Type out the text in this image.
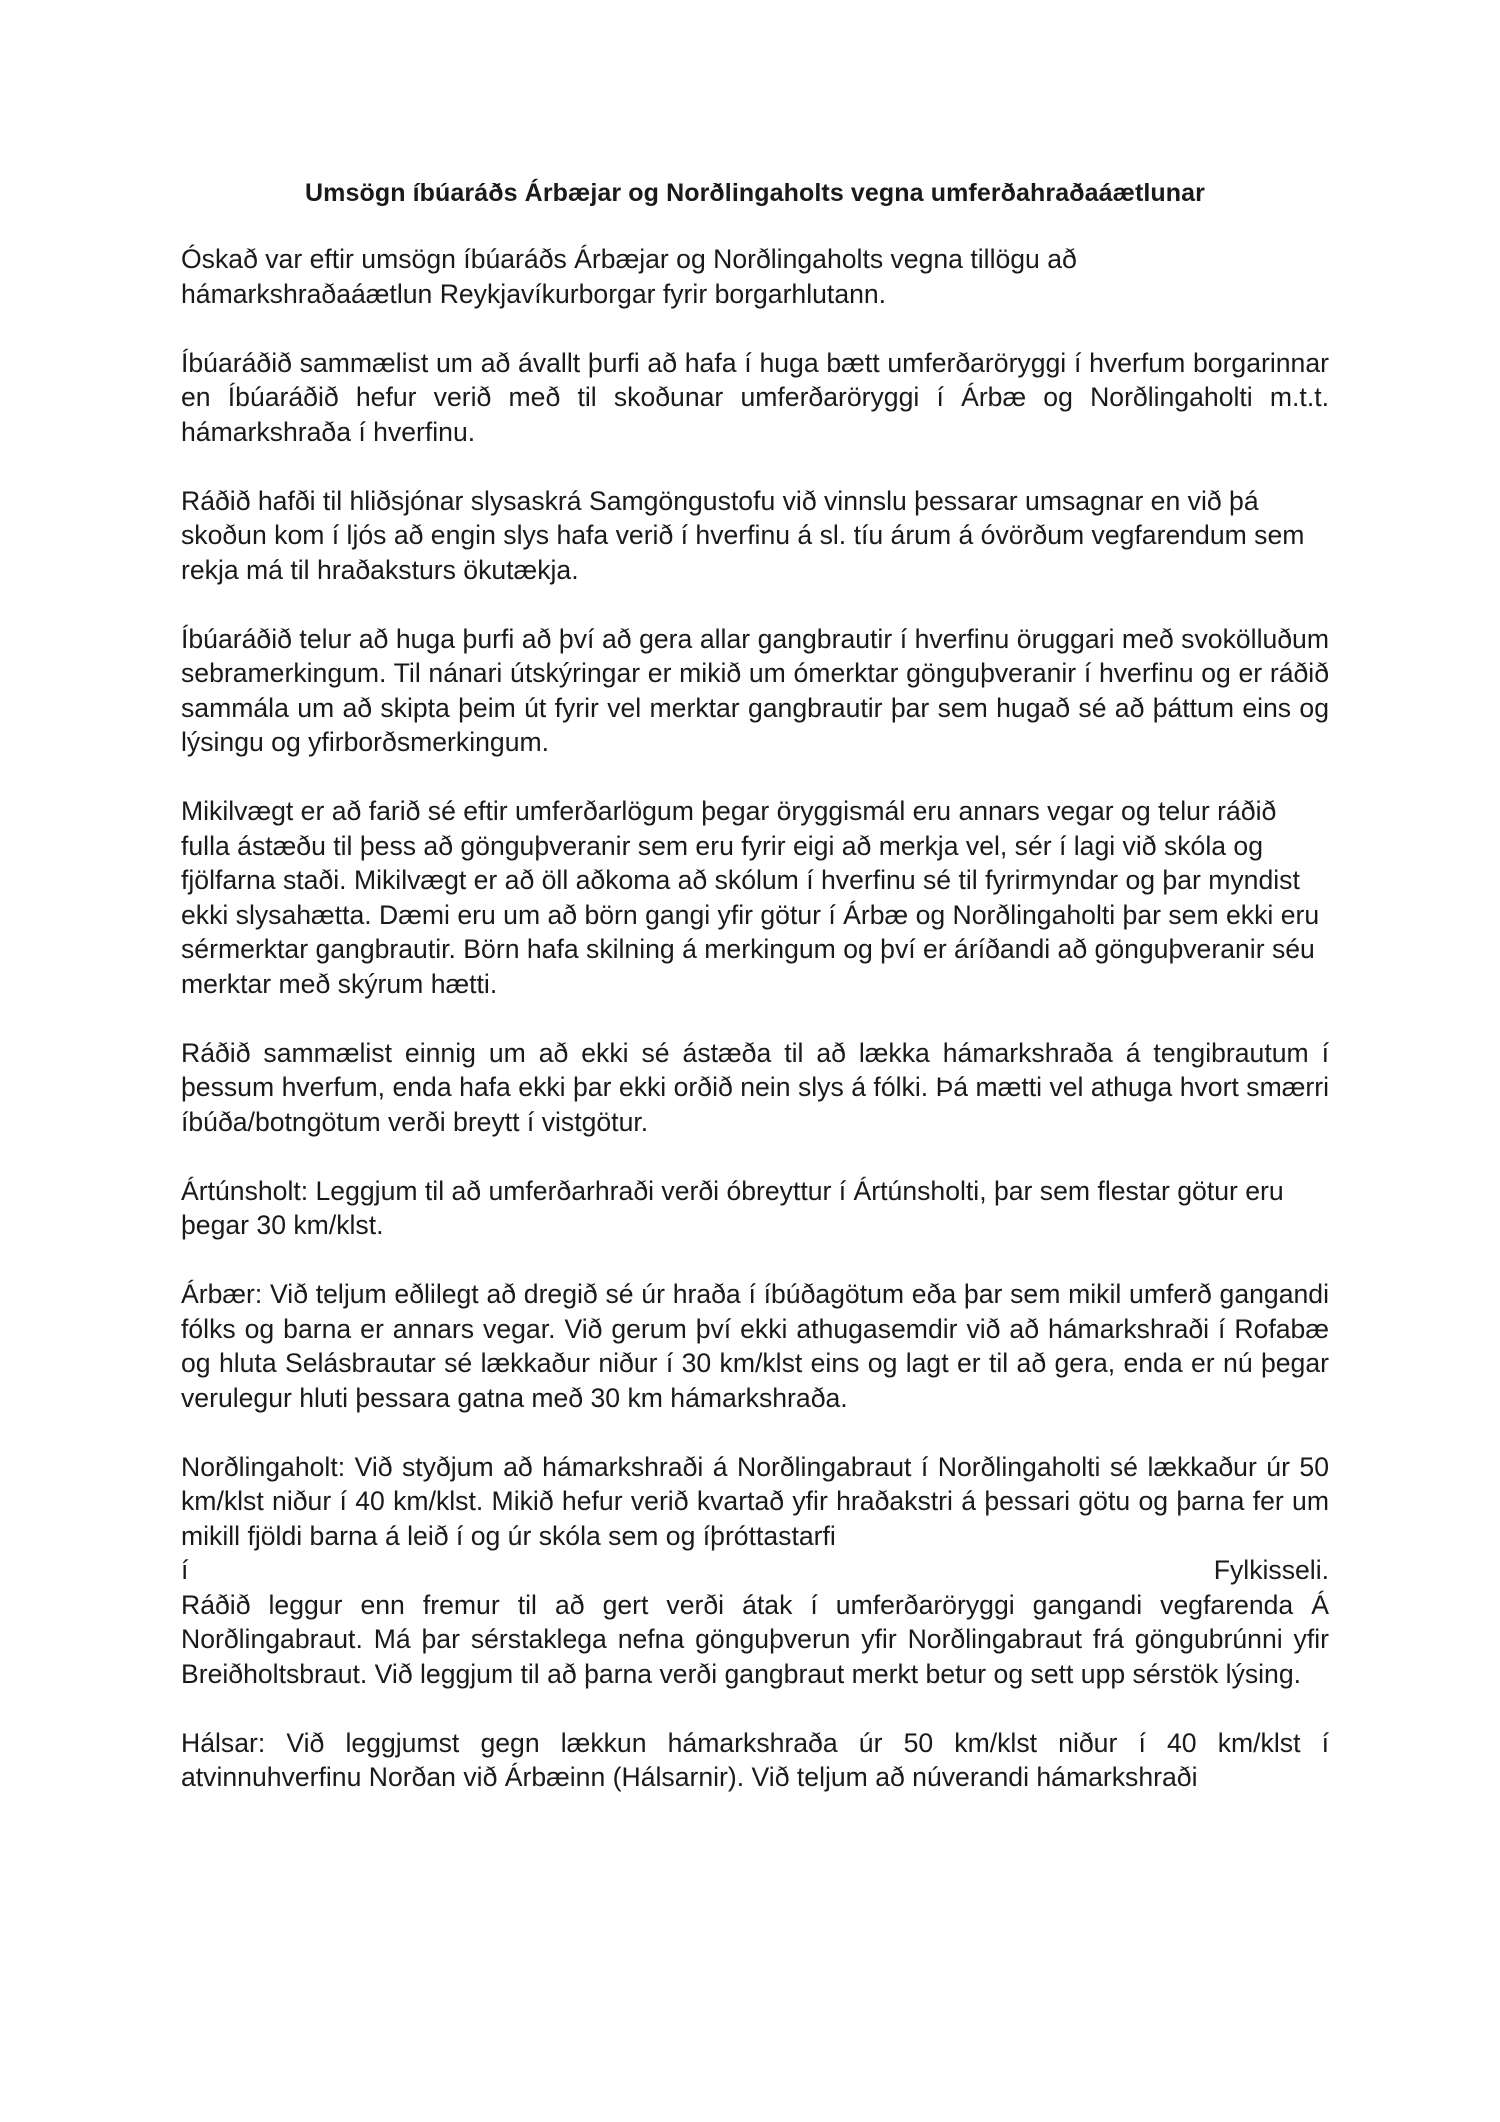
Umsögn íbúaráðs Árbæjar og Norðlingaholts vegna umferðahraðaáætlunar
Óskað var eftir umsögn íbúaráðs Árbæjar og Norðlingaholts vegna tillögu að hámarkshraðaáætlun Reykjavíkurborgar fyrir borgarhlutann.
Íbúaráðið sammælist um að ávallt þurfi að hafa í huga bætt umferðaröryggi í hverfum borgarinnar en Íbúaráðið hefur verið með til skoðunar umferðaröryggi í Árbæ og Norðlingaholti m.t.t. hámarkshraða í hverfinu.
Ráðið hafði til hliðsjónar slysaskrá Samgöngustofu við vinnslu þessarar umsagnar en við þá skoðun kom í ljós að engin slys hafa verið í hverfinu á sl. tíu árum á óvörðum vegfarendum sem rekja má til hraðaksturs ökutækja.
Íbúaráðið telur að huga þurfi að því að gera allar gangbrautir í hverfinu öruggari með svokölluðum sebramerkingum. Til nánari útskýringar er mikið um ómerktar gönguþveranir í hverfinu og er ráðið sammála um að skipta þeim út fyrir vel merktar gangbrautir þar sem hugað sé að þáttum eins og lýsingu og yfirborðsmerkingum.
Mikilvægt er að farið sé eftir umferðarlögum þegar öryggismál eru annars vegar og telur ráðið fulla ástæðu til þess að gönguþveranir sem eru fyrir eigi að merkja vel, sér í lagi við skóla og fjölfarna staði. Mikilvægt er að öll aðkoma að skólum í hverfinu sé til fyrirmyndar og þar myndist ekki slysahætta. Dæmi eru um að börn gangi yfir götur í Árbæ og Norðlingaholti þar sem ekki eru sérmerktar gangbrautir. Börn hafa skilning á merkingum og því er áríðandi að gönguþveranir séu merktar með skýrum hætti.
Ráðið sammælist einnig um að ekki sé ástæða til að lækka hámarkshraða á tengibrautum í þessum hverfum, enda hafa ekki þar ekki orðið nein slys á fólki. Þá mætti vel athuga hvort smærri íbúða/botngötum verði breytt í vistgötur.
Ártúnsholt: Leggjum til að umferðarhraði verði óbreyttur í Ártúnsholti, þar sem flestar götur eru þegar 30 km/klst.
Árbær: Við teljum eðlilegt að dregið sé úr hraða í íbúðagötum eða þar sem mikil umferð gangandi fólks og barna er annars vegar. Við gerum því ekki athugasemdir við að hámarkshraði í Rofabæ og hluta Selásbrautar sé lækkaður niður í 30 km/klst eins og lagt er til að gera, enda er nú þegar verulegur hluti þessara gatna með 30 km hámarkshraða.
Norðlingaholt: Við styðjum að hámarkshraði á Norðlingabraut í Norðlingaholti sé lækkaður úr 50 km/klst niður í 40 km/klst. Mikið hefur verið kvartað yfir hraðakstri á þessari götu og þarna fer um mikill fjöldi barna á leið í og úr skóla sem og íþróttastarfi
í	Fylkisseli.
Ráðið leggur enn fremur til að gert verði átak í umferðaröryggi gangandi vegfarenda Á Norðlingabraut. Má þar sérstaklega nefna gönguþverun yfir Norðlingabraut frá göngubrúnni yfir Breiðholtsbraut. Við leggjum til að þarna verði gangbraut merkt betur og sett upp sérstök lýsing.
Hálsar: Við leggjumst gegn lækkun hámarkshraða úr 50 km/klst niður í 40 km/klst í atvinnuhverfinu Norðan við Árbæinn (Hálsarnir). Við teljum að núverandi hámarkshraði
